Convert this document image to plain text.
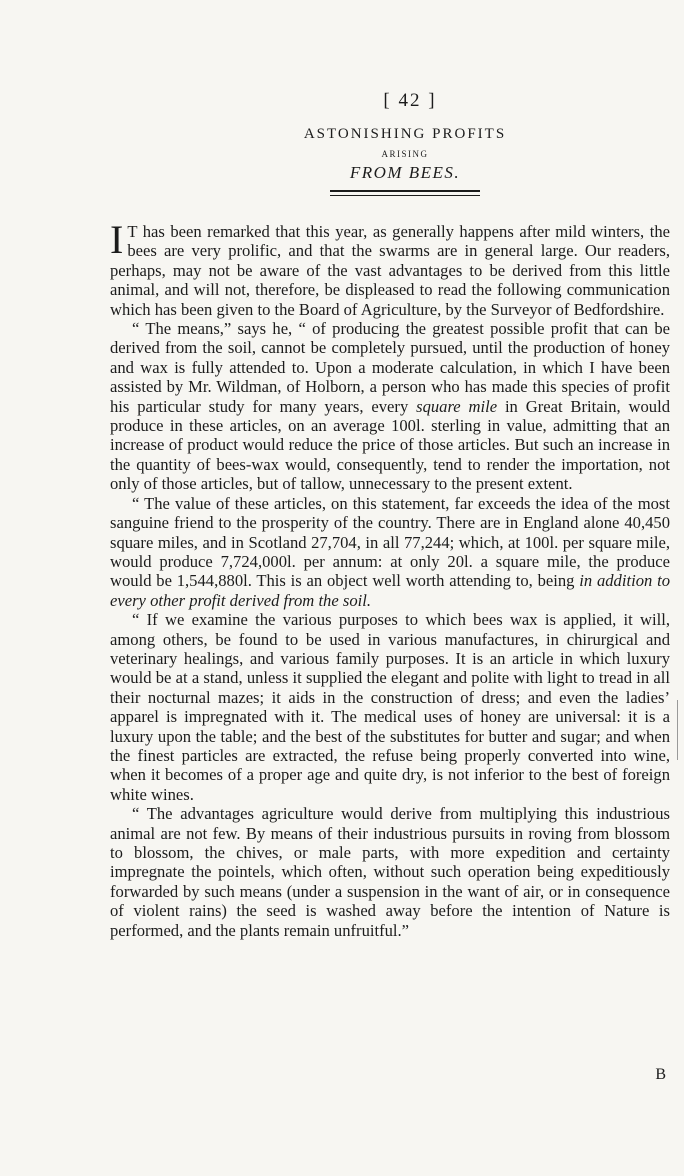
[ 42 ]
ASTONISHING PROFITS
ARISING
FROM BEES.

I T has been remarked that this year, as generally happens after mild winters, the bees are very prolific, and that the swarms are in general large. Our readers, perhaps, may not be aware of the vast advantages to be derived from this little animal, and will not, therefore, be displeased to read the following communication which has been given to the Board of Agriculture, by the Surveyor of Bedfordshire.

“ The means,” says he, “ of producing the greatest possible profit that can be derived from the soil, cannot be completely pursued, until the production of honey and wax is fully attended to. Upon a moderate calculation, in which I have been assisted by Mr. Wildman, of Holborn, a person who has made this species of profit his particular study for many years, every square mile in Great Britain, would produce in these articles, on an average 100l. sterling in value, admitting that an increase of product would reduce the price of those articles. But such an increase in the quantity of bees-wax would, consequently, tend to render the importation, not only of those articles, but of tallow, unnecessary to the present extent.

“ The value of these articles, on this statement, far exceeds the idea of the most sanguine friend to the prosperity of the country. There are in England alone 40,450 square miles, and in Scotland 27,704, in all 77,244; which, at 100l. per square mile, would produce 7,724,000l. per annum: at only 20l. a square mile, the produce would be 1,544,880l. This is an object well worth attending to, being in addition to every other profit derived from the soil.

“ If we examine the various purposes to which bees wax is applied, it will, among others, be found to be used in various manufactures, in chirurgical and veterinary healings, and various family purposes. It is an article in which luxury would be at a stand, unless it supplied the elegant and polite with light to tread in all their nocturnal mazes; it aids in the construction of dress; and even the ladies’ apparel is impregnated with it. The medical uses of honey are universal: it is a luxury upon the table; and the best of the substitutes for butter and sugar; and when the finest particles are extracted, the refuse being properly converted into wine, when it becomes of a proper age and quite dry, is not inferior to the best of foreign white wines.

“ The advantages agriculture would derive from multiplying this industrious animal are not few. By means of their industrious pursuits in roving from blossom to blossom, the chives, or male parts, with more expedition and certainty impregnate the pointels, which often, without such operation being expeditiously forwarded by such means (under a suspension in the want of air, or in consequence of violent rains) the seed is washed away before the intention of Nature is performed, and the plants remain unfruitful.”

B
